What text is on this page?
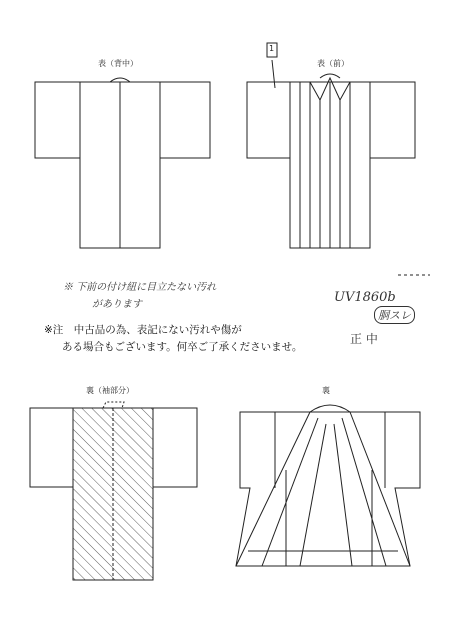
表（背中）	表（前）
1
裏（袖部分）	裏
※ 下前の付け紐に目立たない汚れ
があります	UV1860b
胴スレ
正 中
※注　中古品の為、表記にない汚れや傷が
ある場合もございます。何卒ご了承くださいませ。
